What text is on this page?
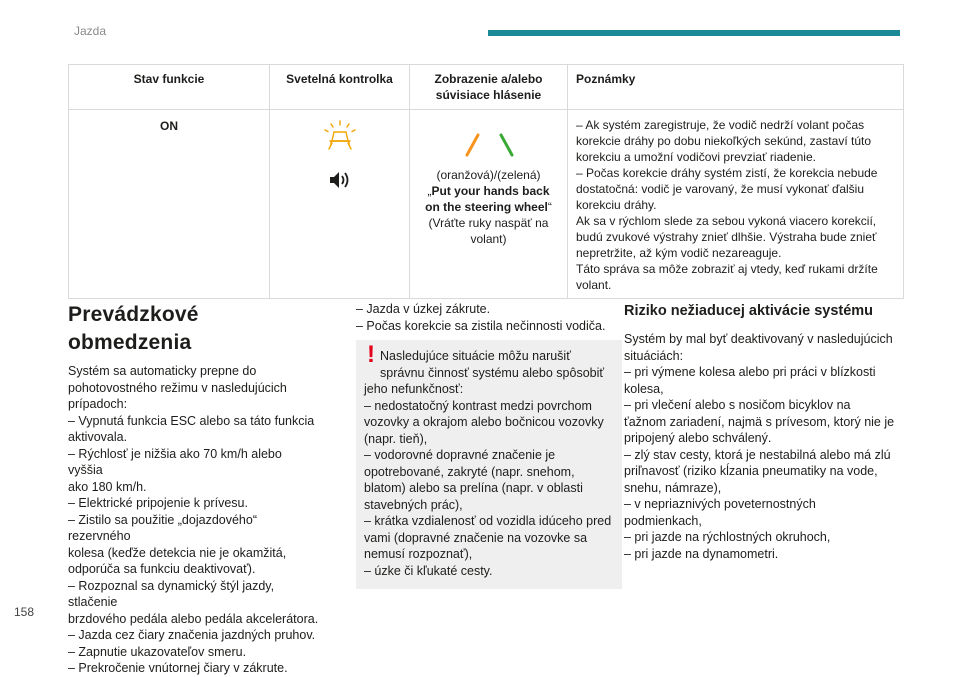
Jazda
Stav funkcie	Svetelná kontrolka	Zobrazenie a/alebo
súvisiace hlásenie
Poznámky
ON
(oranžová)/(zelená)
„Put your hands back
on the steering wheel“
(Vráťte ruky naspäť na
volant)
– Ak systém zaregistruje, že vodič nedrží volant počas
korekcie dráhy po dobu niekoľkých sekúnd, zastaví túto
korekciu a umožní vodičovi prevziať riadenie.
– Počas korekcie dráhy systém zistí, že korekcia nebude
dostatočná: vodič je varovaný, že musí vykonať ďalšiu
korekciu dráhy.
Ak sa v rýchlom slede za sebou vykoná viacero korekcií,
budú zvukové výstrahy znieť dlhšie. Výstraha bude znieť
nepretržite, až kým vodič nezareaguje.
Táto správa sa môže zobraziť aj vtedy, keď rukami držíte
volant.
Prevádzkové obmedzenia

Systém sa automaticky prepne do
pohotovostného režimu v nasledujúcich
prípadoch:
– Vypnutá funkcia ESC alebo sa táto funkcia
aktivovala.
– Rýchlosť je nižšia ako 70 km/h alebo vyššia
ako 180 km/h.
– Elektrické pripojenie k prívesu.
– Zistilo sa použitie „dojazdového“ rezervného
kolesa (keďže detekcia nie je okamžitá,
odporúča sa funkciu deaktivovať).
– Rozpoznal sa dynamický štýl jazdy, stlačenie
brzdového pedála alebo pedála akcelerátora.
– Jazda cez čiary značenia jazdných pruhov.
– Zapnutie ukazovateľov smeru.
– Prekročenie vnútornej čiary v zákrute.

– Jazda v úzkej zákrute.
– Počas korekcie sa zistila nečinnosti vodiča.

! Nasledujúce situácie môžu narušiť
správnu činnosť systému alebo spôsobiť
jeho nefunkčnosť:
– nedostatočný kontrast medzi povrchom
vozovky a okrajom alebo bočnicou vozovky
(napr. tieň),
– vodorovné dopravné značenie je
opotrebované, zakryté (napr. snehom,
blatom) alebo sa prelína (napr. v oblasti
stavebných prác),
– krátka vzdialenosť od vozidla idúceho pred
vami (dopravné značenie na vozovke sa
nemusí rozpoznať),
– úzke či kľukaté cesty.

Riziko nežiaducej aktivácie systému

Systém by mal byť deaktivovaný v nasledujúcich
situáciách:
– pri výmene kolesa alebo pri práci v blízkosti
kolesa,
– pri vlečení alebo s nosičom bicyklov na
ťažnom zariadení, najmä s prívesom, ktorý nie je
pripojený alebo schválený.
– zlý stav cesty, ktorá je nestabilná alebo má zlú
priľnavosť (riziko kĺzania pneumatiky na vode,
snehu, námraze),
– v nepriaznivých poveternostných
podmienkach,
– pri jazde na rýchlostných okruhoch,
– pri jazde na dynamometri.

158
